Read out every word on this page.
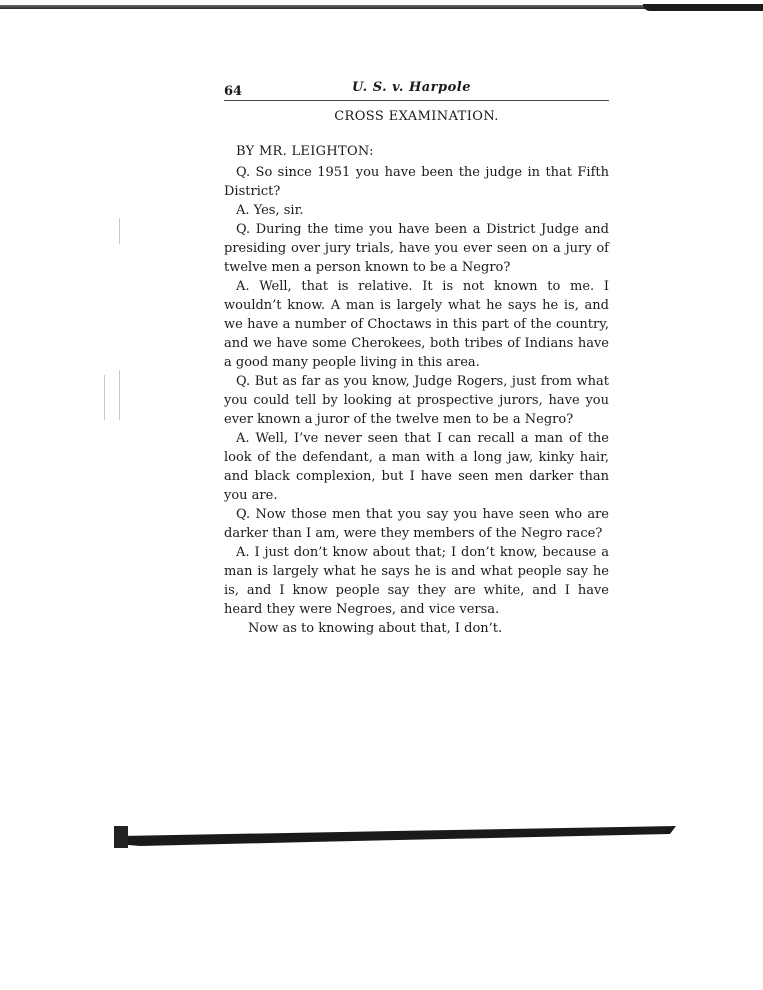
64	U. S. v. Harpole
CROSS EXAMINATION.
BY MR. LEIGHTON:

Q. So since 1951 you have been the judge in that Fifth District?

A. Yes, sir.

Q. During the time you have been a District Judge and presiding over jury trials, have you ever seen on a jury of twelve men a person known to be a Negro?

A. Well, that is relative. It is not known to me. I wouldn’t know. A man is largely what he says he is, and we have a number of Choctaws in this part of the country, and we have some Cherokees, both tribes of Indians have a good many people living in this area.

Q. But as far as you know, Judge Rogers, just from what you could tell by looking at prospective jurors, have you ever known a juror of the twelve men to be a Negro?

A. Well, I’ve never seen that I can recall a man of the look of the defendant, a man with a long jaw, kinky hair, and black complexion, but I have seen men darker than you are.

Q. Now those men that you say you have seen who are darker than I am, were they members of the Negro race?

A. I just don’t know about that; I don’t know, because a man is largely what he says he is and what people say he is, and I know people say they are white, and I have heard they were Negroes, and vice versa.

Now as to knowing about that, I don’t.
